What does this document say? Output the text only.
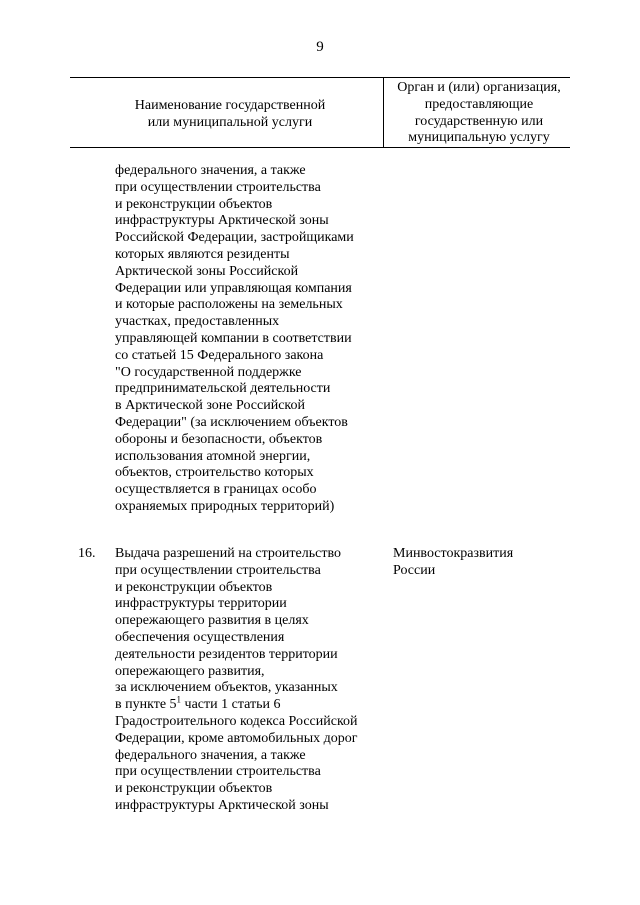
9
Наименование государственной
или муниципальной услуги
Орган и (или) организация,
предоставляющие
государственную или
муниципальную услугу
федерального значения, а также
при осуществлении строительства
и реконструкции объектов
инфраструктуры Арктической зоны
Российской Федерации, застройщиками
которых являются резиденты
Арктической зоны Российской
Федерации или управляющая компания
и которые расположены на земельных
участках, предоставленных
управляющей компании в соответствии
со статьей 15 Федерального закона
"О государственной поддержке
предпринимательской деятельности
в Арктической зоне Российской
Федерации" (за исключением объектов
обороны и безопасности, объектов
использования атомной энергии,
объектов, строительство которых
осуществляется в границах особо
охраняемых природных территорий)
16. Выдача разрешений на строительство
при осуществлении строительства
и реконструкции объектов
инфраструктуры территории
опережающего развития в целях
обеспечения осуществления
деятельности резидентов территории
опережающего развития,
за исключением объектов, указанных
в пункте $5^1$ части 1 статьи 6
Градостроительного кодекса Российской
Федерации, кроме автомобильных дорог
федерального значения, а также
при осуществлении строительства
и реконструкции объектов
инфраструктуры Арктической зоны
Минвостокразвития
России
